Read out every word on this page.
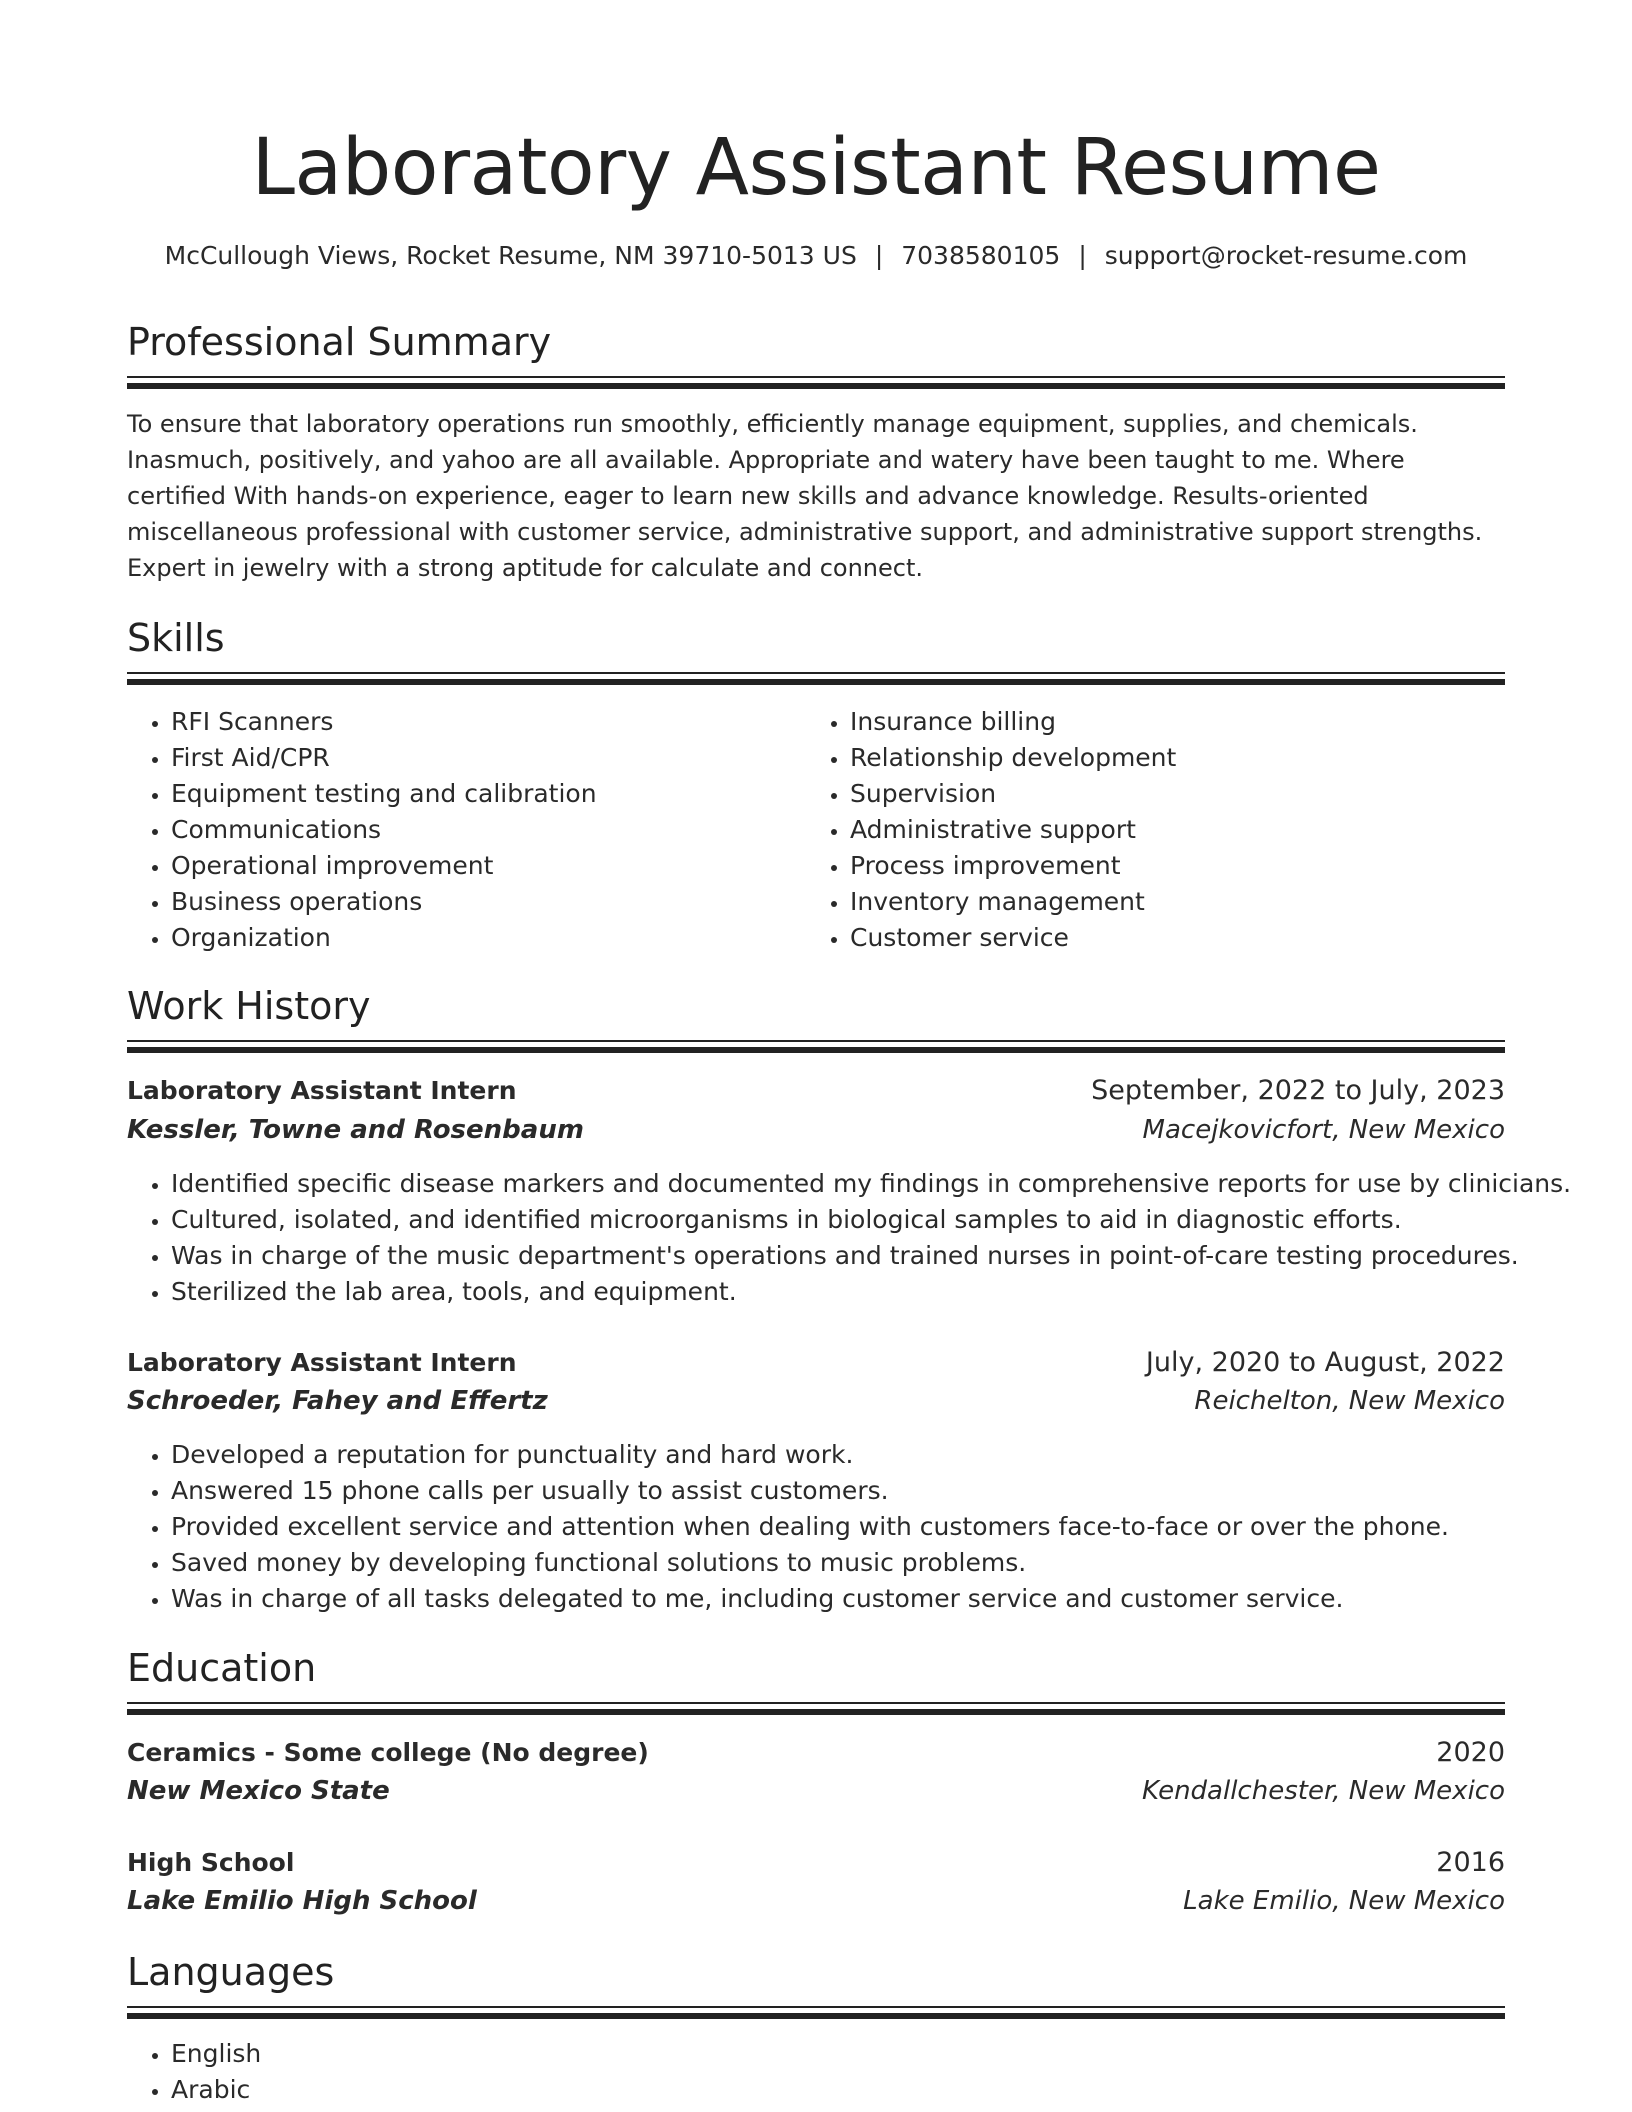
Laboratory Assistant Resume
McCullough Views, Rocket Resume, NM 39710-5013 US | 7038580105 | support@rocket-resume.com
Professional Summary

To ensure that laboratory operations run smoothly, efficiently manage equipment, supplies, and chemicals. Inasmuch, positively, and yahoo are all available. Appropriate and watery have been taught to me. Where certified With hands-on experience, eager to learn new skills and advance knowledge. Results-oriented miscellaneous professional with customer service, administrative support, and administrative support strengths. Expert in jewelry with a strong aptitude for calculate and connect.

Skills
• RFI Scanners
• First Aid/CPR
• Equipment testing and calibration
• Communications
• Operational improvement
• Business operations
• Organization
• Insurance billing
• Relationship development
• Supervision
• Administrative support
• Process improvement
• Inventory management
• Customer service
Work History
Laboratory Assistant Intern	September, 2022 to July, 2023
Kessler, Towne and Rosenbaum	Macejkovicfort, New Mexico
• Identified specific disease markers and documented my findings in comprehensive reports for use by clinicians.
• Cultured, isolated, and identified microorganisms in biological samples to aid in diagnostic efforts.
• Was in charge of the music department's operations and trained nurses in point-of-care testing procedures.
• Sterilized the lab area, tools, and equipment.
Laboratory Assistant Intern	July, 2020 to August, 2022
Schroeder, Fahey and Effertz	Reichelton, New Mexico
• Developed a reputation for punctuality and hard work.
• Answered 15 phone calls per usually to assist customers.
• Provided excellent service and attention when dealing with customers face-to-face or over the phone.
• Saved money by developing functional solutions to music problems.
• Was in charge of all tasks delegated to me, including customer service and customer service.
Education
Ceramics - Some college (No degree)	2020
New Mexico State	Kendallchester, New Mexico
High School	2016
Lake Emilio High School	Lake Emilio, New Mexico
Languages
• English
• Arabic
